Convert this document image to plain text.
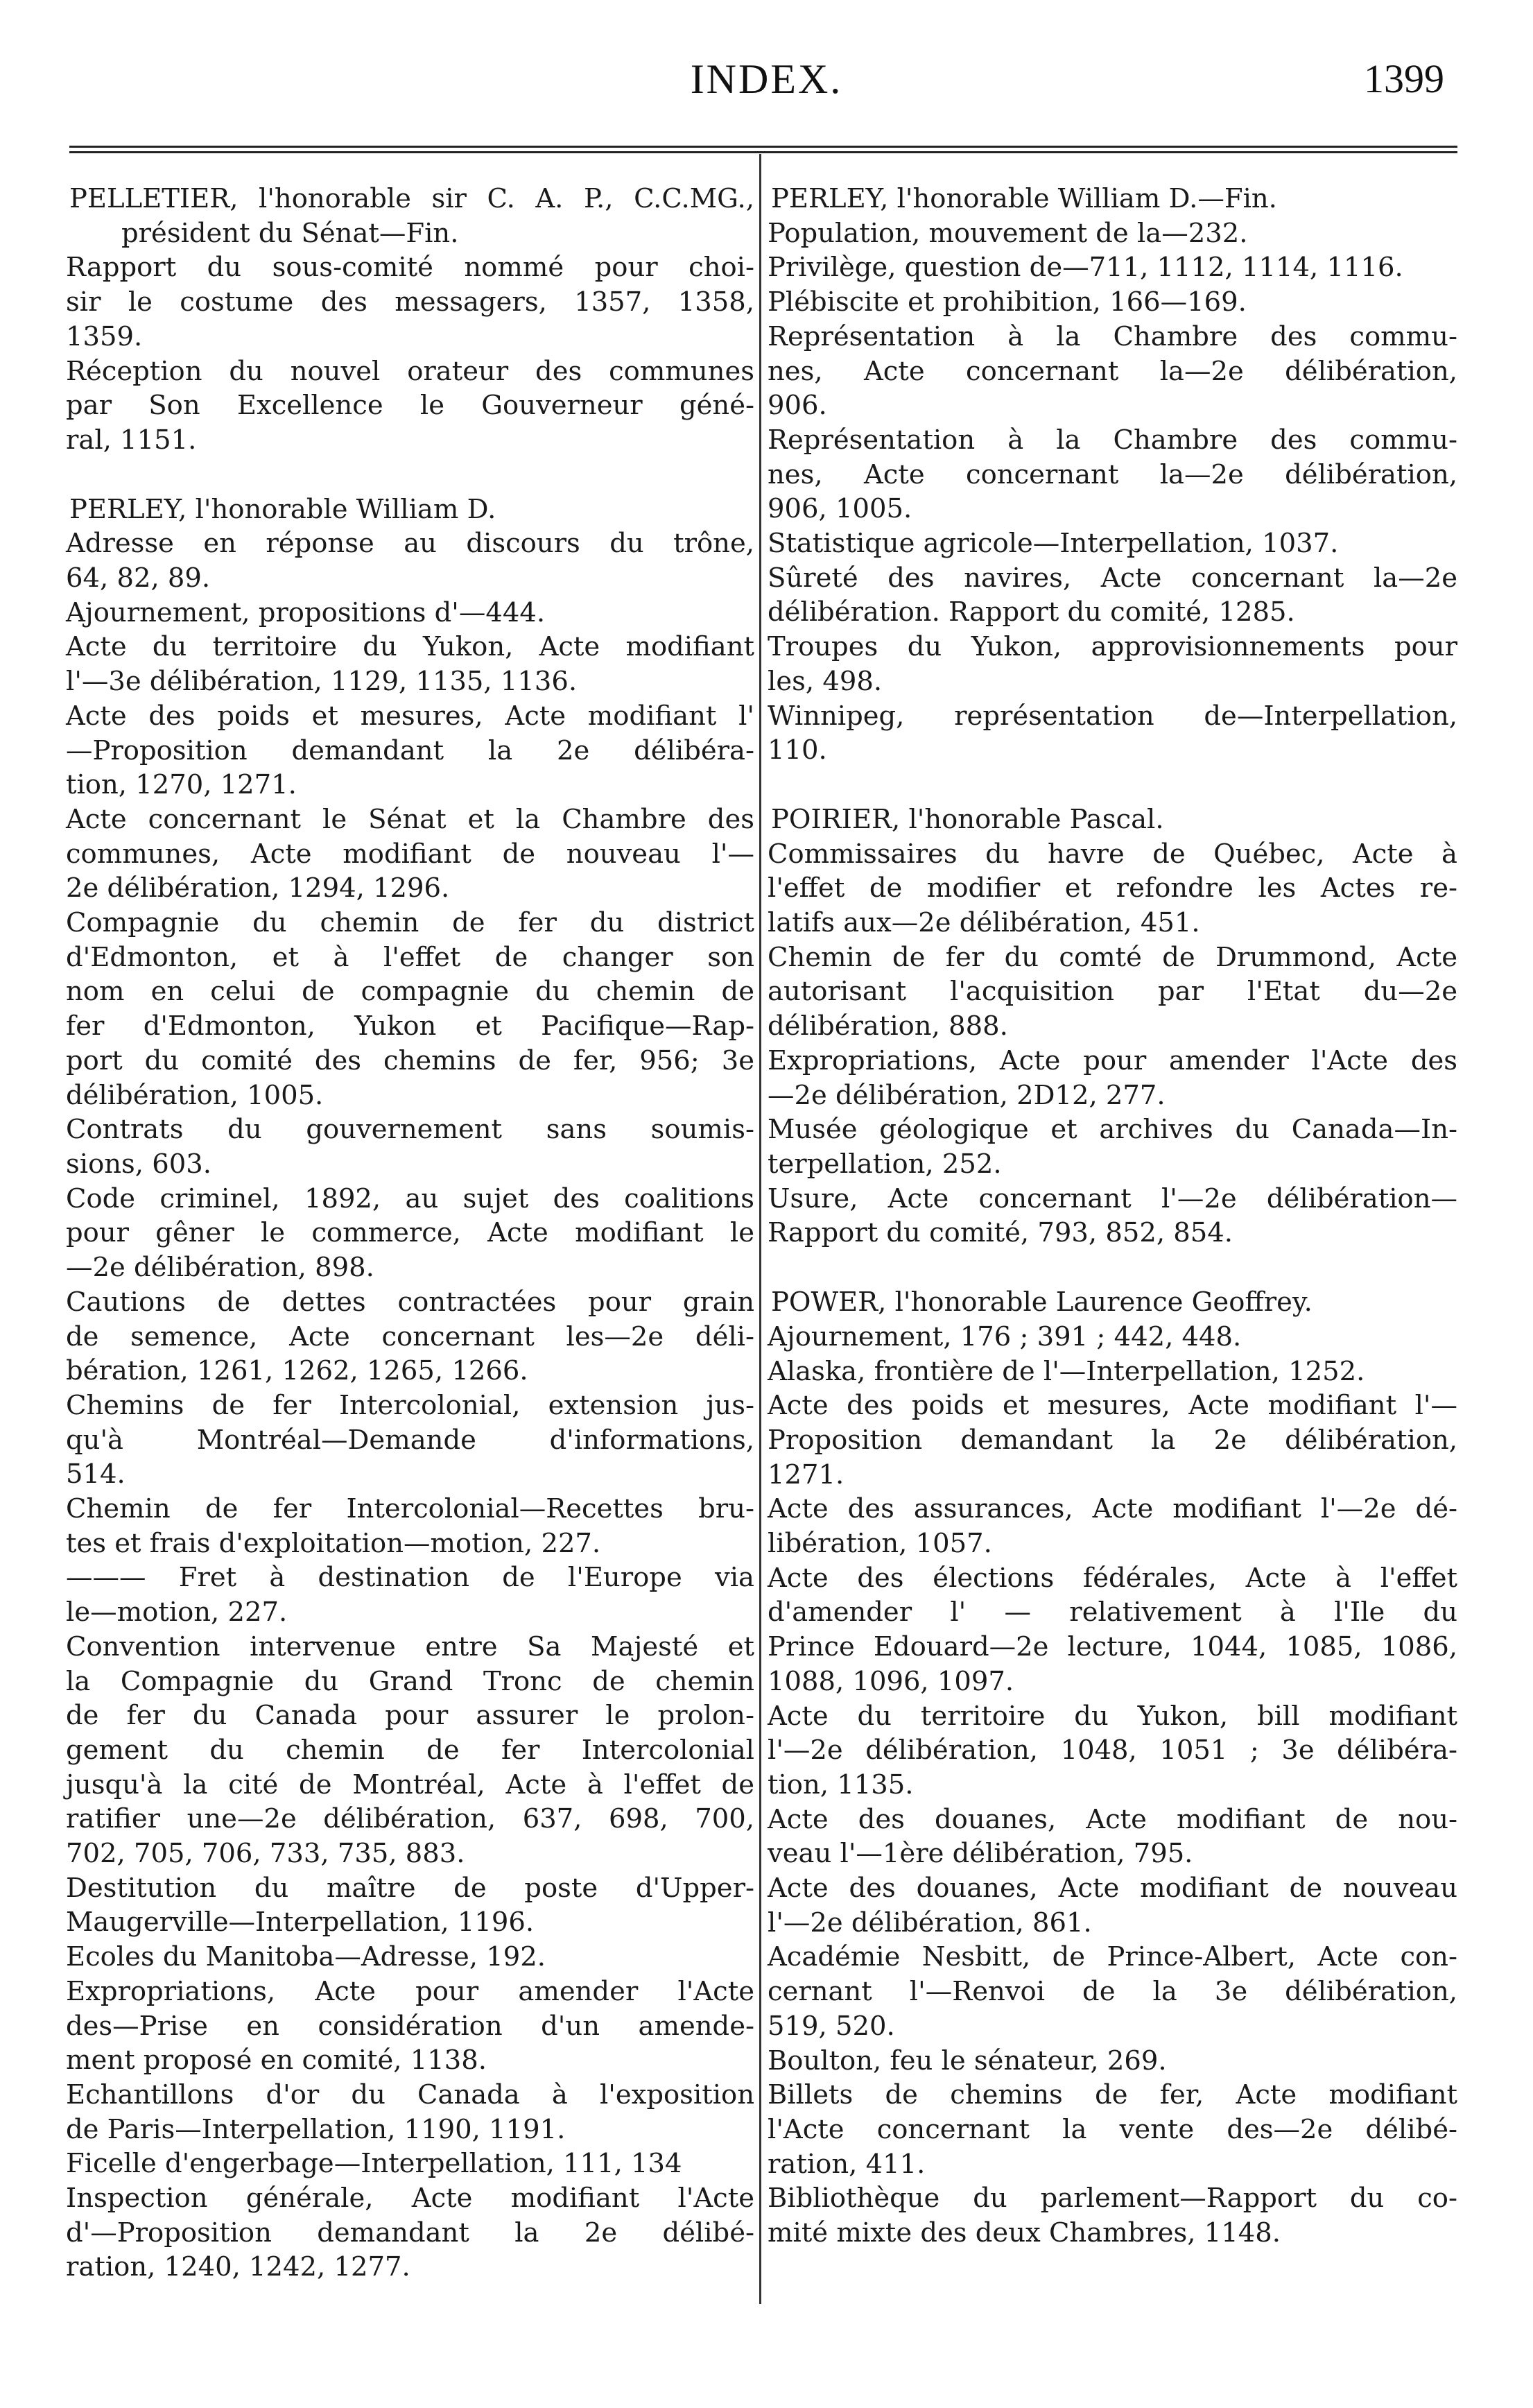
INDEX.	1399
PELLETIER, l'honorable sir C. A. P., C.C.MG.,
président du Sénat—Fin.
Rapport du sous-comité nommé pour choi-
sir le costume des messagers, 1357, 1358,
1359.
Réception du nouvel orateur des communes
par Son Excellence le Gouverneur géné-
ral, 1151.
PERLEY, l'honorable William D.
Adresse en réponse au discours du trône,
64, 82, 89.
Ajournement, propositions d'—444.
Acte du territoire du Yukon, Acte modifiant
l'—3e délibération, 1129, 1135, 1136.
Acte des poids et mesures, Acte modifiant l'
—Proposition demandant la 2e délibéra-
tion, 1270, 1271.
Acte concernant le Sénat et la Chambre des
communes, Acte modifiant de nouveau l'—
2e délibération, 1294, 1296.
Compagnie du chemin de fer du district
d'Edmonton, et à l'effet de changer son
nom en celui de compagnie du chemin de
fer d'Edmonton, Yukon et Pacifique—Rap-
port du comité des chemins de fer, 956; 3e
délibération, 1005.
Contrats du gouvernement sans soumis-
sions, 603.
Code criminel, 1892, au sujet des coalitions
pour gêner le commerce, Acte modifiant le
—2e délibération, 898.
Cautions de dettes contractées pour grain
de semence, Acte concernant les—2e déli-
bération, 1261, 1262, 1265, 1266.
Chemins de fer Intercolonial, extension jus-
qu'à Montréal—Demande d'informations,
514.
Chemin de fer Intercolonial—Recettes bru-
tes et frais d'exploitation—motion, 227.
——— Fret à destination de l'Europe via
le—motion, 227.
Convention intervenue entre Sa Majesté et
la Compagnie du Grand Tronc de chemin
de fer du Canada pour assurer le prolon-
gement du chemin de fer Intercolonial
jusqu'à la cité de Montréal, Acte à l'effet de
ratifier une—2e délibération, 637, 698, 700,
702, 705, 706, 733, 735, 883.
Destitution du maître de poste d'Upper-
Maugerville—Interpellation, 1196.
Ecoles du Manitoba—Adresse, 192.
Expropriations, Acte pour amender l'Acte
des—Prise en considération d'un amende-
ment proposé en comité, 1138.
Echantillons d'or du Canada à l'exposition
de Paris—Interpellation, 1190, 1191.
Ficelle d'engerbage—Interpellation, 111, 134
Inspection générale, Acte modifiant l'Acte
d'—Proposition demandant la 2e délibé-
ration, 1240, 1242, 1277.
PERLEY, l'honorable William D.—Fin.
Population, mouvement de la—232.
Privilège, question de—711, 1112, 1114, 1116.
Plébiscite et prohibition, 166—169.
Représentation à la Chambre des commu-
nes, Acte concernant la—2e délibération,
906.
Représentation à la Chambre des commu-
nes, Acte concernant la—2e délibération,
906, 1005.
Statistique agricole—Interpellation, 1037.
Sûreté des navires, Acte concernant la—2e
délibération. Rapport du comité, 1285.
Troupes du Yukon, approvisionnements pour
les, 498.
Winnipeg, représentation de—Interpellation,
110.
POIRIER, l'honorable Pascal.
Commissaires du havre de Québec, Acte à
l'effet de modifier et refondre les Actes re-
latifs aux—2e délibération, 451.
Chemin de fer du comté de Drummond, Acte
autorisant l'acquisition par l'Etat du—2e
délibération, 888.
Expropriations, Acte pour amender l'Acte des
—2e délibération, 2D12, 277.
Musée géologique et archives du Canada—In-
terpellation, 252.
Usure, Acte concernant l'—2e délibération—
Rapport du comité, 793, 852, 854.
POWER, l'honorable Laurence Geoffrey.
Ajournement, 176 ; 391 ; 442, 448.
Alaska, frontière de l'—Interpellation, 1252.
Acte des poids et mesures, Acte modifiant l'—
Proposition demandant la 2e délibération,
1271.
Acte des assurances, Acte modifiant l'—2e dé-
libération, 1057.
Acte des élections fédérales, Acte à l'effet
d'amender l' — relativement à l'Ile du
Prince Edouard—2e lecture, 1044, 1085, 1086,
1088, 1096, 1097.
Acte du territoire du Yukon, bill modifiant
l'—2e délibération, 1048, 1051 ; 3e délibéra-
tion, 1135.
Acte des douanes, Acte modifiant de nou-
veau l'—1ère délibération, 795.
Acte des douanes, Acte modifiant de nouveau
l'—2e délibération, 861.
Académie Nesbitt, de Prince-Albert, Acte con-
cernant l'—Renvoi de la 3e délibération,
519, 520.
Boulton, feu le sénateur, 269.
Billets de chemins de fer, Acte modifiant
l'Acte concernant la vente des—2e délibé-
ration, 411.
Bibliothèque du parlement—Rapport du co-
mité mixte des deux Chambres, 1148.
